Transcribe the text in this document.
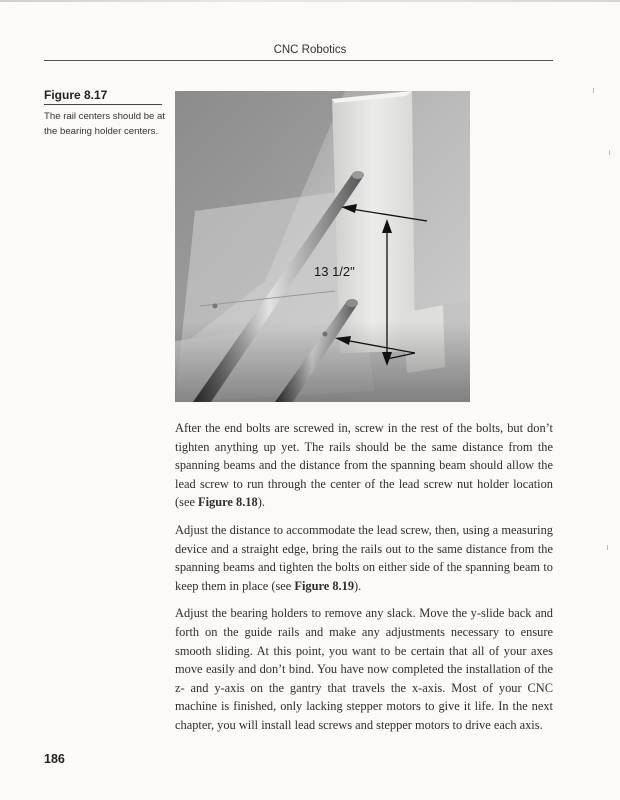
CNC Robotics
Figure 8.17
The rail centers should be at the bearing holder centers.
13 1/2"

After the end bolts are screwed in, screw in the rest of the bolts, but don’t tighten anything up yet. The rails should be the same distance from the spanning beams and the distance from the spanning beam should allow the lead screw to run through the center of the lead screw nut holder location (see Figure 8.18).

Adjust the distance to accommodate the lead screw, then, using a measuring device and a straight edge, bring the rails out to the same distance from the spanning beams and tighten the bolts on either side of the spanning beam to keep them in place (see Figure 8.19).

Adjust the bearing holders to remove any slack. Move the y-slide back and forth on the guide rails and make any adjustments necessary to ensure smooth sliding. At this point, you want to be certain that all of your axes move easily and don’t bind. You have now completed the installation of the z- and y-axis on the gantry that travels the x-axis. Most of your CNC machine is finished, only lacking stepper motors to give it life. In the next chapter, you will install lead screws and stepper motors to drive each axis.

186
